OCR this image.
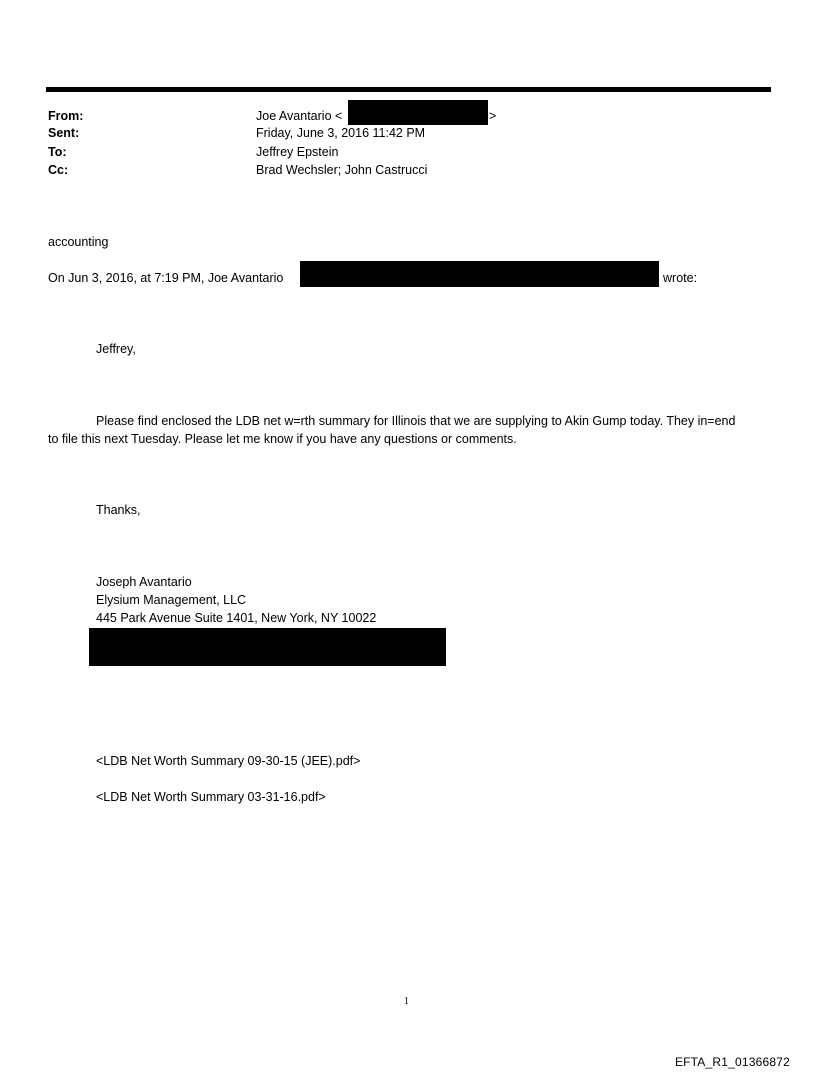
From:	Joe Avantario <	>
Sent:	Friday, June 3, 2016 11:42 PM
To:	Jeffrey Epstein
Cc:	Brad Wechsler; John Castrucci
accounting
On Jun 3, 2016, at 7:19 PM, Joe Avantario	wrote:
Jeffrey,
Please find enclosed the LDB net w=rth summary for Illinois that we are supplying to Akin Gump today. They in=end to file this next Tuesday. Please let me know if you have any questions or comments.
Thanks,
Joseph Avantario
Elysium Management, LLC
445 Park Avenue Suite 1401, New York, NY 10022
<LDB Net Worth Summary 09-30-15 (JEE).pdf>
<LDB Net Worth Summary 03-31-16.pdf>
1
EFTA_R1_01366872
